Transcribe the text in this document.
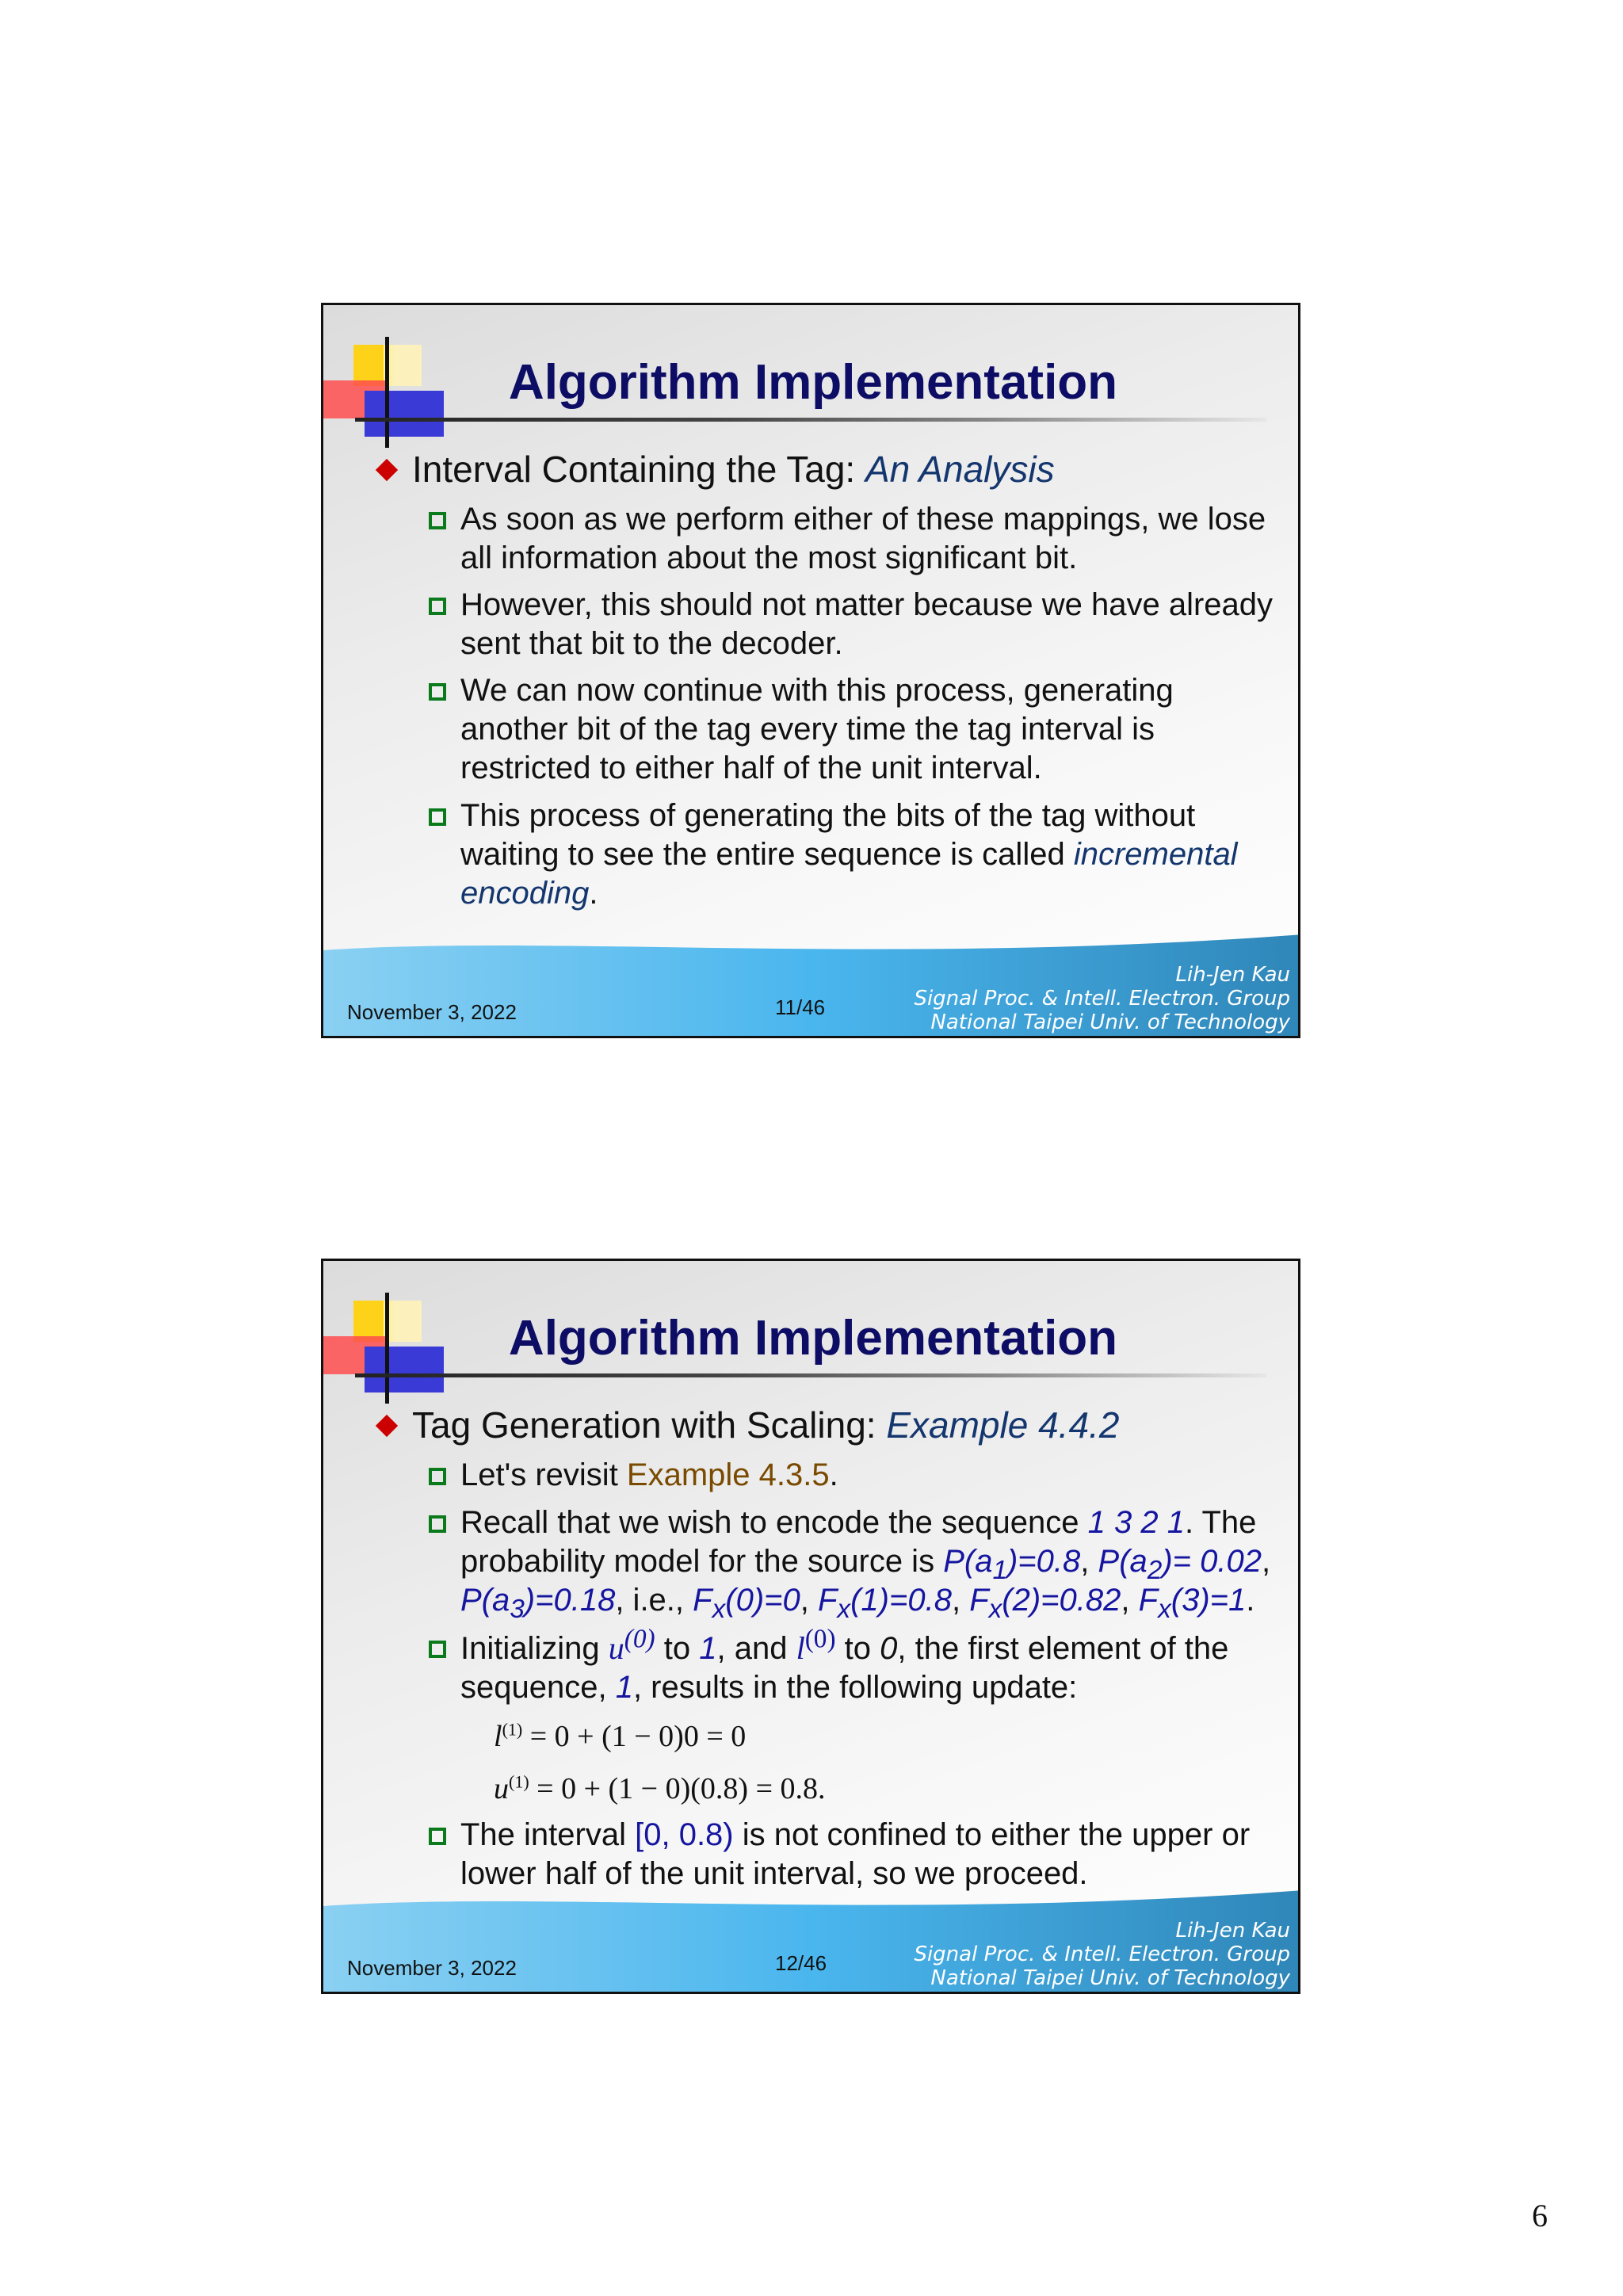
Algorithm Implementation
Interval Containing the Tag: An Analysis
As soon as we perform either of these mappings, we lose all information about the most significant bit.
However, this should not matter because we have already sent that bit to the decoder.
We can now continue with this process, generating another bit of the tag every time the tag interval is restricted to either half of the unit interval.
This process of generating the bits of the tag without waiting to see the entire sequence is called incremental encoding.
November 3, 2022	11/46
Lih-Jen Kau
Signal Proc. & Intell. Electron. Group
National Taipei Univ. of Technology
Algorithm Implementation
Tag Generation with Scaling: Example 4.4.2
Let's revisit Example 4.3.5.
Recall that we wish to encode the sequence 1 3 2 1. The probability model for the source is $P(a_1)=0.8$, $P(a_2)= 0.02$, $P(a_3)=0.18$, i.e., $F_x(0)=0$, $F_x(1)=0.8$, $F_x(2)=0.82$, $F_x(3)=1$.
Initializing $u^{(0)}$ to 1, and $l^{(0)}$ to 0, the first element of the sequence, 1, results in the following update:
$l^{(1)} = 0 + (1 - 0)0 = 0$
$u^{(1)} = 0 + (1 - 0)(0.8) = 0.8$.
The interval [0, 0.8) is not confined to either the upper or lower half of the unit interval, so we proceed.
November 3, 2022	12/46
Lih-Jen Kau
Signal Proc. & Intell. Electron. Group
National Taipei Univ. of Technology
6
